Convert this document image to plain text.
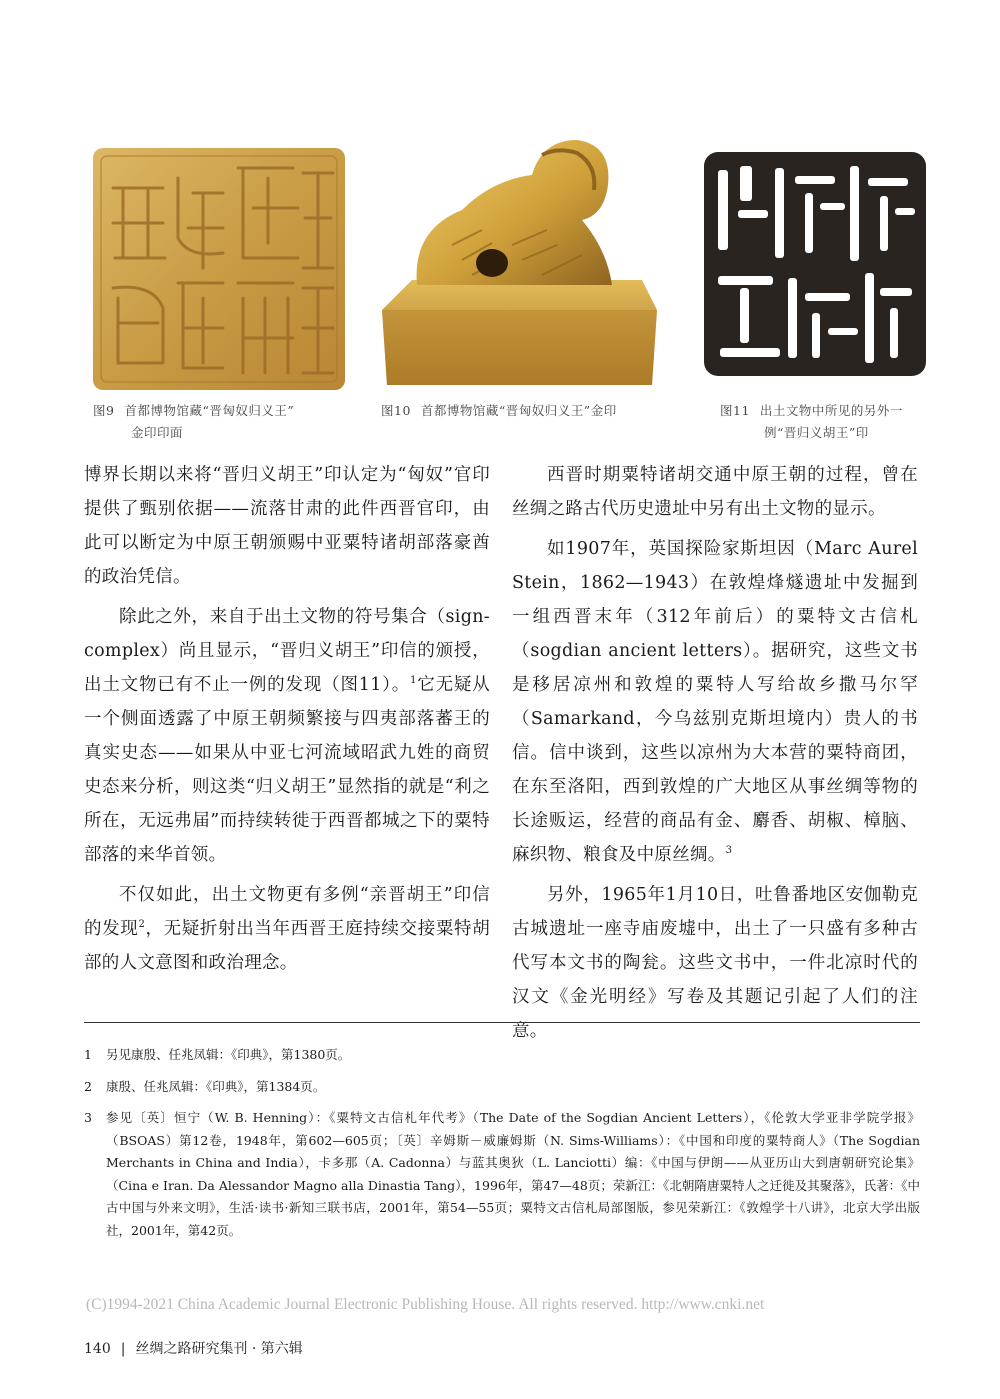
图9 首都博物馆藏“晋匈奴归义王”
金印印面
图10 首都博物馆藏“晋匈奴归义王”金印	图11 出土文物中所见的另外一
例“晋归义胡王”印

博界长期以来将“晋归义胡王”印认定为“匈奴”官印提供了甄别依据——流落甘肃的此件西晋官印，由此可以断定为中原王朝颁赐中亚粟特诸胡部落豪酋的政治凭信。

除此之外，来自于出土文物的符号集合（sign-complex）尚且显示，“晋归义胡王”印信的颁授，出土文物已有不止一例的发现（图11）。$^1$它无疑从一个侧面透露了中原王朝频繁接与四夷部落蕃王的真实史态——如果从中亚七河流域昭武九姓的商贸史态来分析，则这类“归义胡王”显然指的就是“利之所在，无远弗届”而持续转徙于西晋都城之下的粟特部落的来华首领。

不仅如此，出土文物更有多例“亲晋胡王”印信的发现$^2$，无疑折射出当年西晋王庭持续交接粟特胡部的人文意图和政治理念。

西晋时期粟特诸胡交通中原王朝的过程，曾在丝绸之路古代历史遗址中另有出土文物的显示。

如1907年，英国探险家斯坦因（Marc Aurel Stein，1862—1943）在敦煌烽燧遗址中发掘到一组西晋末年（312年前后）的粟特文古信札（sogdian ancient letters）。据研究，这些文书是移居凉州和敦煌的粟特人写给故乡撒马尔罕（Samarkand，今乌兹别克斯坦境内）贵人的书信。信中谈到，这些以凉州为大本营的粟特商团，在东至洛阳，西到敦煌的广大地区从事丝绸等物的长途贩运，经营的商品有金、麝香、胡椒、樟脑、麻织物、粮食及中原丝绸。$^3$

另外，1965年1月10日，吐鲁番地区安伽勒克古城遗址一座寺庙废墟中，出土了一只盛有多种古代写本文书的陶瓮。这些文书中，一件北凉时代的汉文《金光明经》写卷及其题记引起了人们的注意。

1	另见康殷、任兆凤辑：《印典》，第1380页。
2	康殷、任兆凤辑：《印典》，第1384页。
3	参见〔英〕恒宁（W. B. Henning）：《粟特文古信札年代考》（The Date of the Sogdian Ancient Letters），《伦敦大学亚非学院学报》（BSOAS）第12卷，1948年，第602—605页；〔英〕辛姆斯－威廉姆斯（N. Sims-Williams）：《中国和印度的粟特商人》（The Sogdian Merchants in China and India），卡多那（A. Cadonna）与蓝其奥狄（L. Lanciotti）编：《中国与伊朗——从亚历山大到唐朝研究论集》（Cina e Iran. Da Alessandor Magno alla Dinastia Tang），1996年，第47—48页；荣新江：《北朝隋唐粟特人之迁徙及其聚落》，氏著：《中古中国与外来文明》，生活·读书·新知三联书店，2001年，第54—55页；粟特文古信札局部图版，参见荣新江：《敦煌学十八讲》，北京大学出版社，2001年，第42页。
(C)1994-2021 China Academic Journal Electronic Publishing House. All rights reserved. http://www.cnki.net
140 | 丝绸之路研究集刊 · 第六辑
